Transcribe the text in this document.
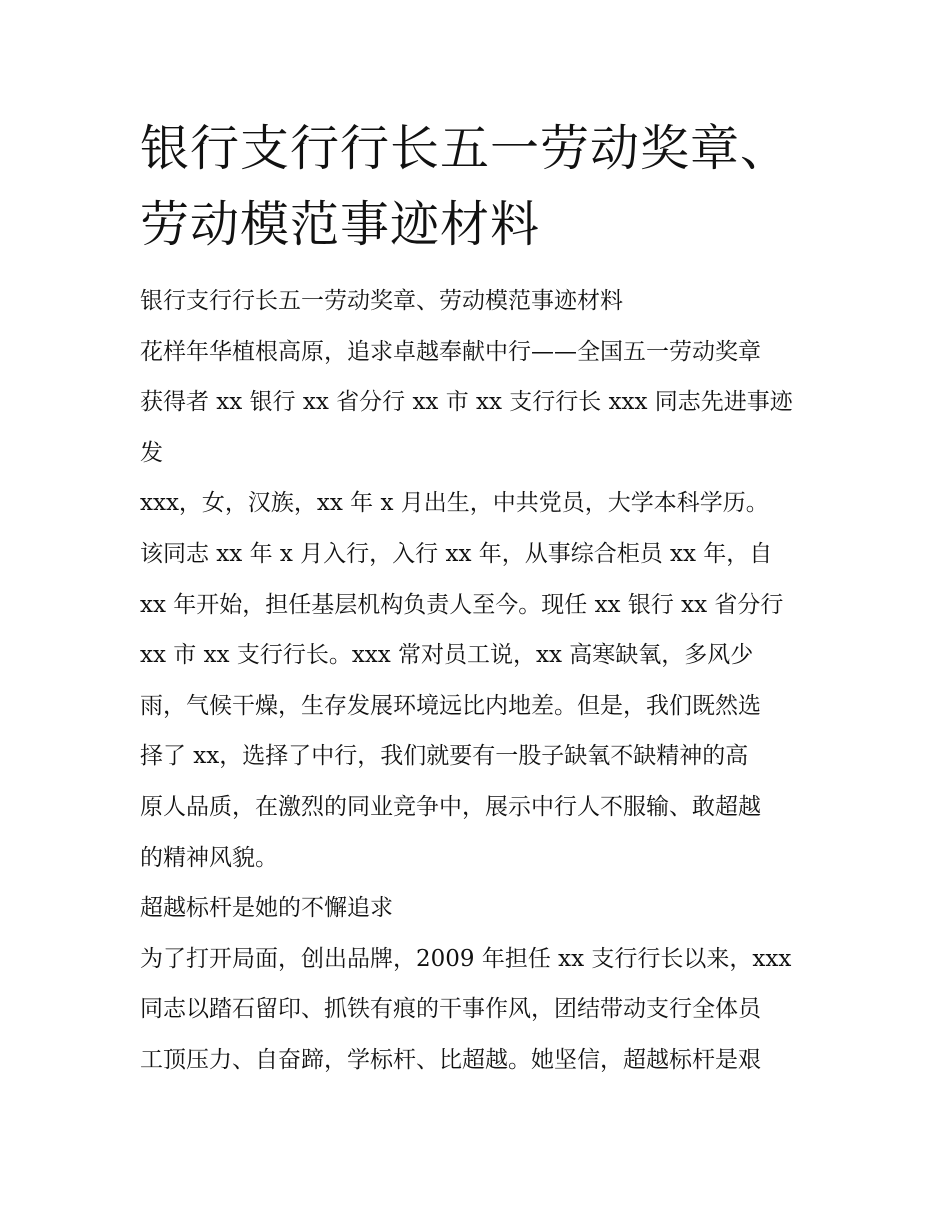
银行支行行长五一劳动奖章、
劳动模范事迹材料
银行支行行长五一劳动奖章、劳动模范事迹材料
花样年华植根高原，追求卓越奉献中行——全国五一劳动奖章
获得者 xx 银行 xx 省分行 xx 市 xx 支行行长 xxx 同志先进事迹
发
xxx，女，汉族，xx 年 x 月出生，中共党员，大学本科学历。
该同志 xx 年 x 月入行，入行 xx 年，从事综合柜员 xx 年，自
xx 年开始，担任基层机构负责人至今。现任 xx 银行 xx 省分行
xx 市 xx 支行行长。xxx 常对员工说，xx 高寒缺氧，多风少
雨，气候干燥，生存发展环境远比内地差。但是，我们既然选
择了 xx，选择了中行，我们就要有一股子缺氧不缺精神的高
原人品质，在激烈的同业竞争中，展示中行人不服输、敢超越
的精神风貌。
超越标杆是她的不懈追求
为了打开局面，创出品牌，2009 年担任 xx 支行行长以来，xxx
同志以踏石留印、抓铁有痕的干事作风，团结带动支行全体员
工顶压力、自奋蹄，学标杆、比超越。她坚信，超越标杆是艰
